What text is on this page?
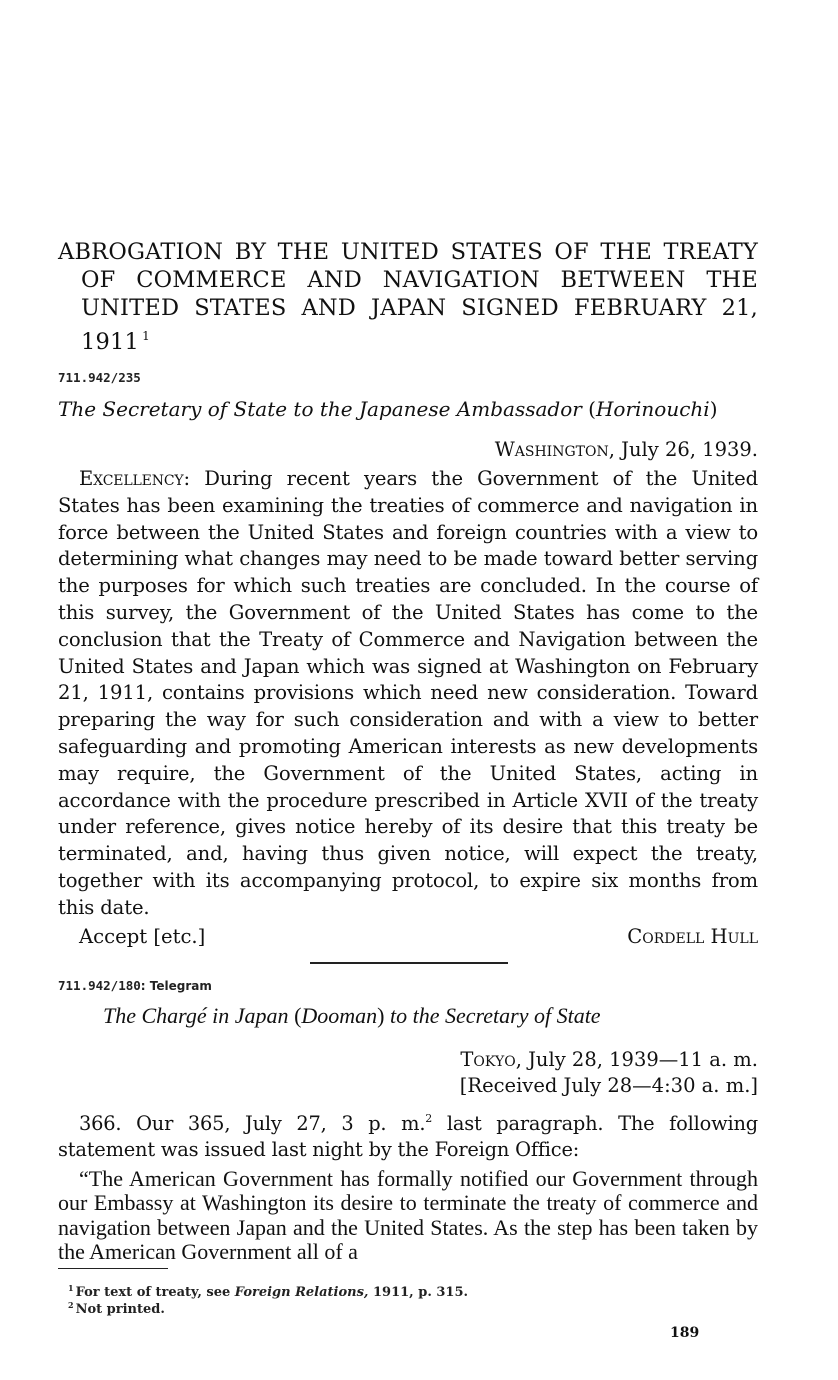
ABROGATION BY THE UNITED STATES OF THE TREATY
OF COMMERCE AND NAVIGATION BETWEEN THE
UNITED STATES AND JAPAN SIGNED FEBRUARY 21,
1911 $^1$
711.942/235
The Secretary of State to the Japanese Ambassador (Horinouchi)
Washington, July 26, 1939.
Excellency: During recent years the Government of the United States has been examining the treaties of commerce and navigation in force between the United States and foreign countries with a view to determining what changes may need to be made toward better serving the purposes for which such treaties are concluded. In the course of this survey, the Government of the United States has come to the conclusion that the Treaty of Commerce and Navigation between the United States and Japan which was signed at Washington on February 21, 1911, contains provisions which need new consideration. Toward preparing the way for such consideration and with a view to better safeguarding and promoting American interests as new developments may require, the Government of the United States, acting in accordance with the procedure prescribed in Article XVII of the treaty under reference, gives notice hereby of its desire that this treaty be terminated, and, having thus given notice, will expect the treaty, together with its accompanying protocol, to expire six months from this date.
Accept [etc.]	Cordell Hull
711.942/180: Telegram
The Chargé in Japan (Dooman) to the Secretary of State
Tokyo, July 28, 1939—11 a. m.
[Received July 28—4:30 a. m.]
366. Our 365, July 27, 3 p. m.$^2$ last paragraph. The following statement was issued last night by the Foreign Office:
“The American Government has formally notified our Government through our Embassy at Washington its desire to terminate the treaty of commerce and navigation between Japan and the United States. As the step has been taken by the American Government all of a
$^1$ For text of treaty, see Foreign Relations, 1911, p. 315.
$^2$ Not printed.
189
